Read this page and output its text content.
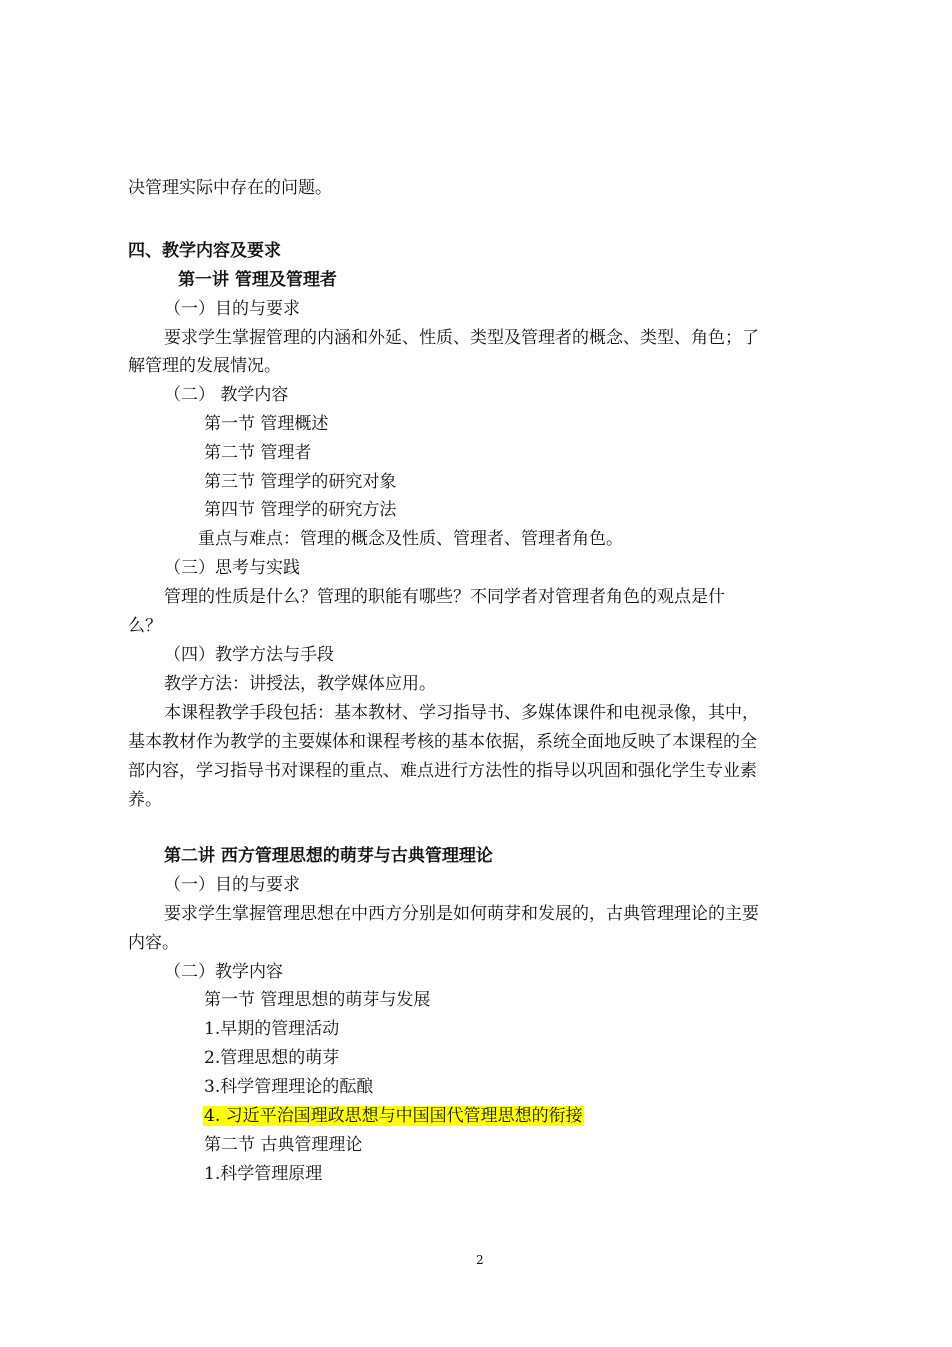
决管理实际中存在的问题。
四、教学内容及要求
第一讲 管理及管理者
（一）目的与要求
要求学生掌握管理的内涵和外延、性质、类型及管理者的概念、类型、角色；了
解管理的发展情况。
（二） 教学内容
第一节 管理概述
第二节 管理者
第三节 管理学的研究对象
第四节 管理学的研究方法
重点与难点：管理的概念及性质、管理者、管理者角色。
（三）思考与实践
管理的性质是什么？管理的职能有哪些？不同学者对管理者角色的观点是什
么？
（四）教学方法与手段
教学方法：讲授法，教学媒体应用。
本课程教学手段包括：基本教材、学习指导书、多媒体课件和电视录像，其中，
基本教材作为教学的主要媒体和课程考核的基本依据，系统全面地反映了本课程的全
部内容，学习指导书对课程的重点、难点进行方法性的指导以巩固和强化学生专业素
养。
第二讲 西方管理思想的萌芽与古典管理理论
（一）目的与要求
要求学生掌握管理思想在中西方分别是如何萌芽和发展的，古典管理理论的主要
内容。
（二）教学内容
第一节 管理思想的萌芽与发展
1.早期的管理活动
2.管理思想的萌芽
3.科学管理理论的酝酿
4. 习近平治国理政思想与中国国代管理思想的衔接
第二节 古典管理理论
1.科学管理原理
2
